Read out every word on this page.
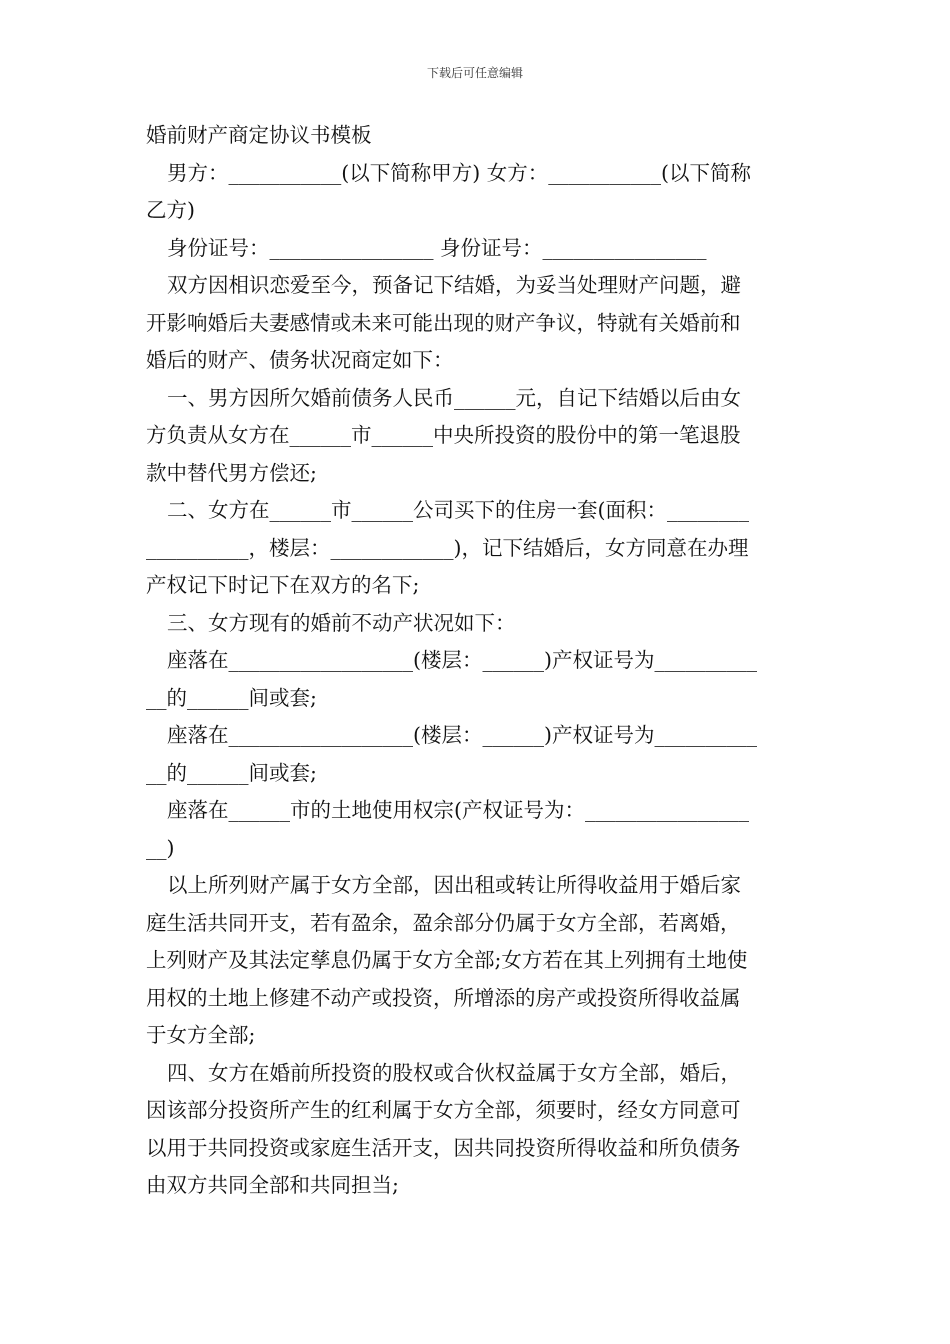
下载后可任意编辑
婚前财产商定协议书模板
男方：___________(以下简称甲方) 女方：___________(以下简称
乙方)
身份证号：________________ 身份证号：________________
双方因相识恋爱至今，预备记下结婚，为妥当处理财产问题，避
开影响婚后夫妻感情或未来可能出现的财产争议，特就有关婚前和
婚后的财产、债务状况商定如下：
一、男方因所欠婚前债务人民币______元，自记下结婚以后由女
方负责从女方在______市______中央所投资的股份中的第一笔退股
款中替代男方偿还;
二、女方在______市______公司买下的住房一套(面积：________
__________，楼层：____________)，记下结婚后，女方同意在办理
产权记下时记下在双方的名下;
三、女方现有的婚前不动产状况如下：
座落在__________________(楼层：______)产权证号为__________
__的______间或套;
座落在__________________(楼层：______)产权证号为__________
__的______间或套;
座落在______市的土地使用权宗(产权证号为：________________
__)
以上所列财产属于女方全部，因出租或转让所得收益用于婚后家
庭生活共同开支，若有盈余，盈余部分仍属于女方全部，若离婚，
上列财产及其法定孳息仍属于女方全部;女方若在其上列拥有土地使
用权的土地上修建不动产或投资，所增添的房产或投资所得收益属
于女方全部;
四、女方在婚前所投资的股权或合伙权益属于女方全部，婚后，
因该部分投资所产生的红利属于女方全部，须要时，经女方同意可
以用于共同投资或家庭生活开支，因共同投资所得收益和所负债务
由双方共同全部和共同担当;
